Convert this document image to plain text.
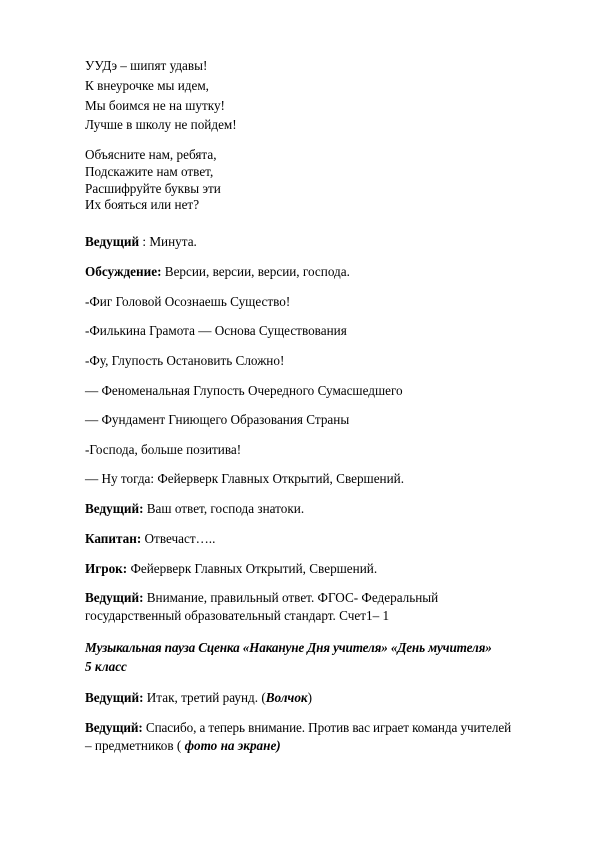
УУДэ – шипят удавы!
К внеурочке мы идем,
Мы боимся не на шутку!
Лучше в школу не пойдем!
Объясните нам, ребята,
Подскажите нам ответ,
Расшифруйте буквы эти
Их бояться или нет?
Ведущий : Минута.
Обсуждение: Версии, версии, версии, господа.
-Фиг Головой Осознаешь Существо!
-Филькина Грамота — Основа Существования
-Фу, Глупость Остановить Сложно!
— Феноменальная Глупость Очередного Сумасшедшего
— Фундамент Гниющего Образования Страны
-Господа, больше позитива!
— Ну тогда: Фейерверк Главных Открытий, Свершений.
Ведущий: Ваш ответ, господа знатоки.
Капитан: Отвечаст…..
Игрок: Фейерверк Главных Открытий, Свершений.
Ведущий: Внимание, правильный ответ. ФГОС- Федеральный
государственный образовательный стандарт. Счет1– 1
Музыкальная пауза Сценка «Накануне Дня учителя» «День мучителя»
5 класс
Ведущий: Итак, третий раунд. (Волчок)
Ведущий: Спасибо, а теперь внимание. Против вас играет команда учителей
– предметников ( фото на экране)
